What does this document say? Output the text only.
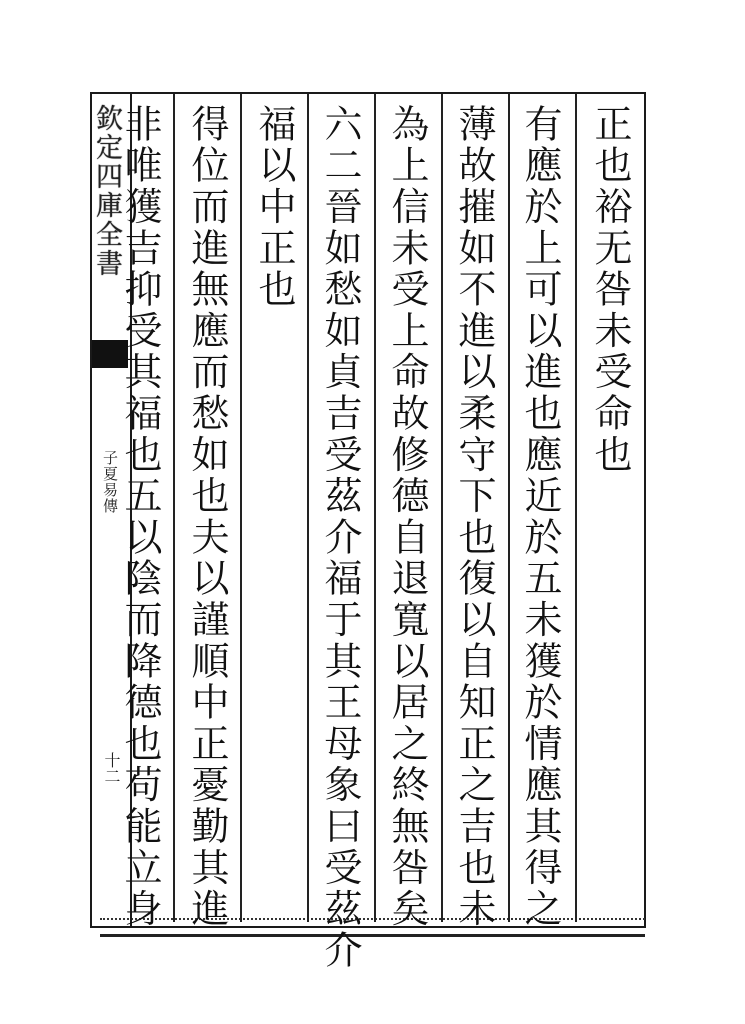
欽定四庫全書
子夏易傳
十二
正也裕无咎未受命也
有應於上可以進也應近於五未獲於情應其得之
薄故摧如不進以柔守下也復以自知正之吉也未
為上信未受上命故修德自退寬以居之終無咎矣
六二晉如愁如貞吉受茲介福于其王母象曰受茲介
福以中正也
得位而進無應而愁如也夫以謹順中正憂勤其進
非唯獲吉抑受其福也五以陰而降德也苟能立身
